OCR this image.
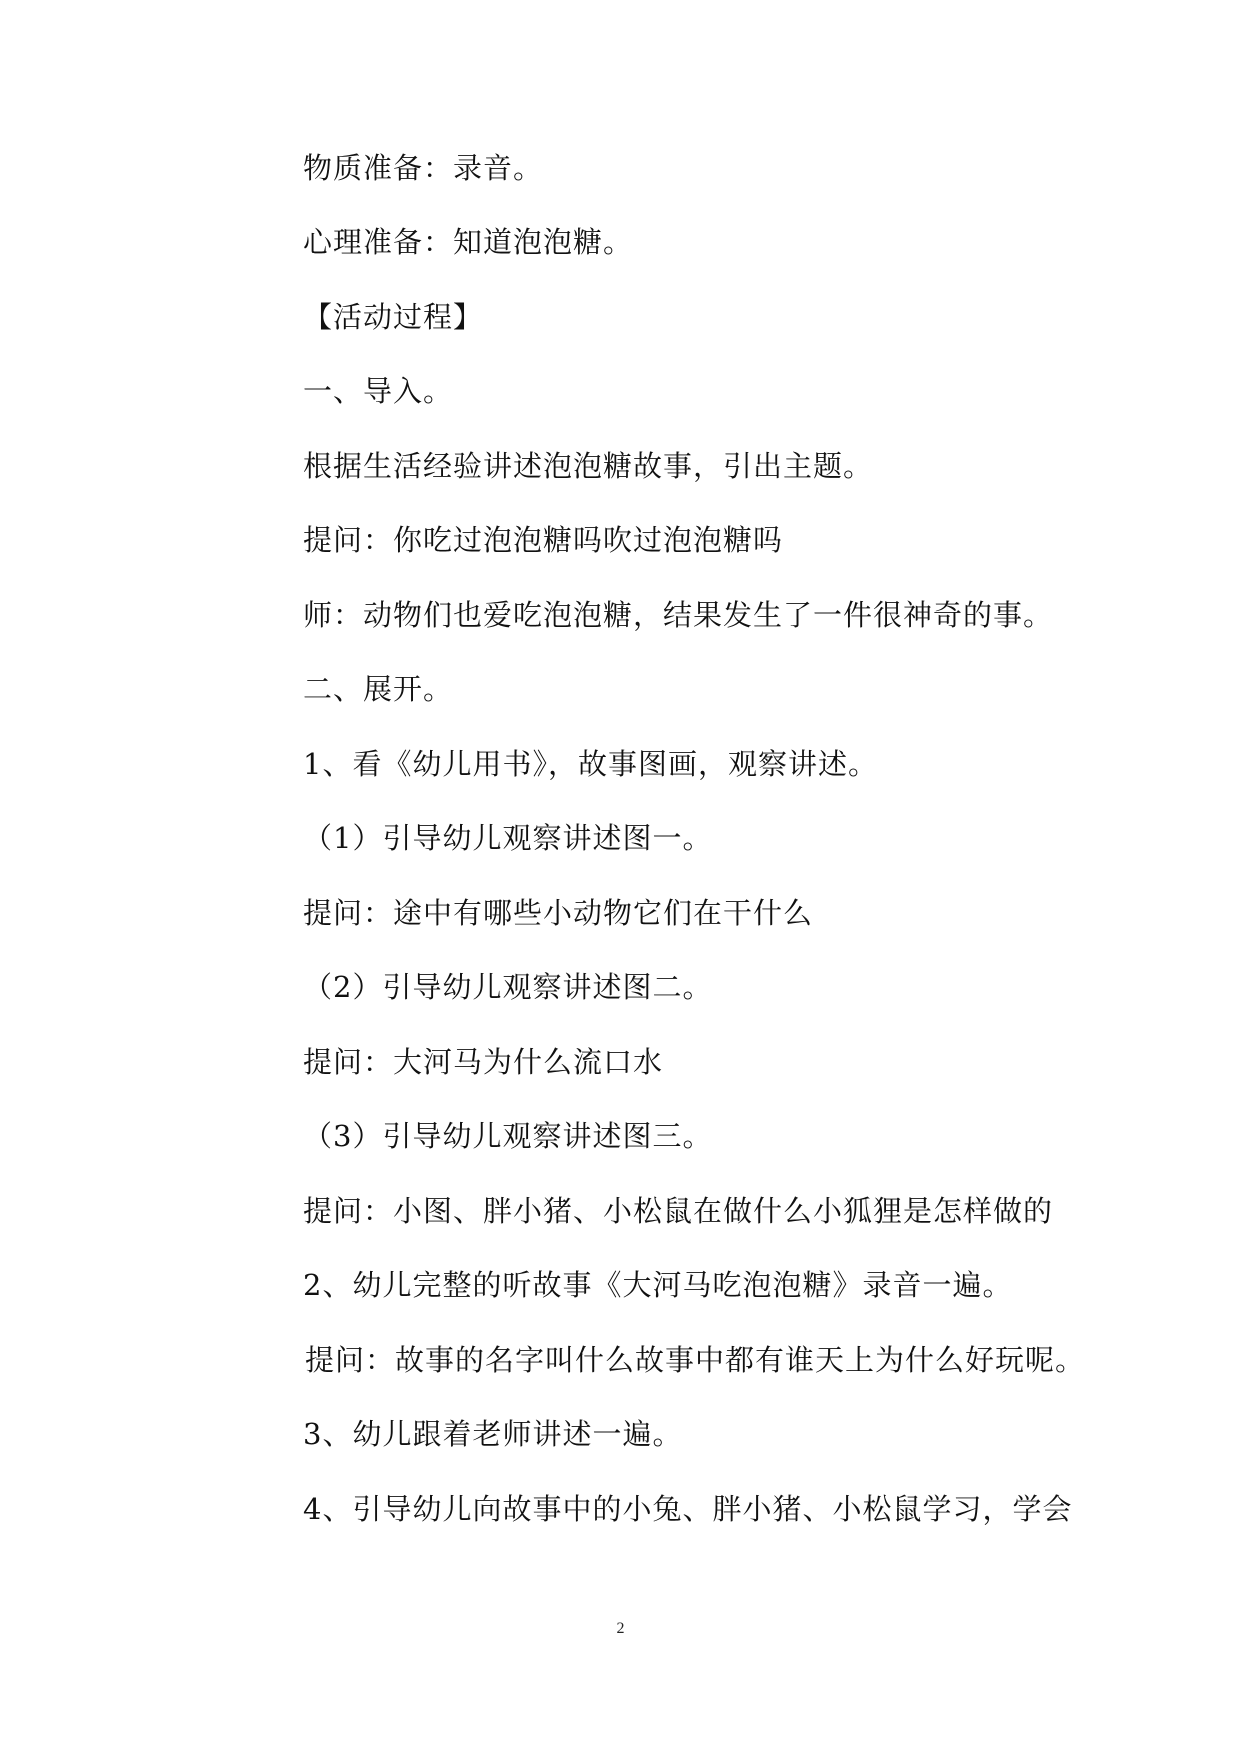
物质准备：录音。
心理准备：知道泡泡糖。
【活动过程】
一、导入。
根据生活经验讲述泡泡糖故事，引出主题。
提问：你吃过泡泡糖吗吹过泡泡糖吗
师：动物们也爱吃泡泡糖，结果发生了一件很神奇的事。
二、展开。
1、看《幼儿用书》，故事图画，观察讲述。
（1）引导幼儿观察讲述图一。
提问：途中有哪些小动物它们在干什么
（2）引导幼儿观察讲述图二。
提问：大河马为什么流口水
（3）引导幼儿观察讲述图三。
提问：小图、胖小猪、小松鼠在做什么小狐狸是怎样做的
2、幼儿完整的听故事《大河马吃泡泡糖》录音一遍。
提问：故事的名字叫什么故事中都有谁天上为什么好玩呢。
3、幼儿跟着老师讲述一遍。
4、引导幼儿向故事中的小兔、胖小猪、小松鼠学习，学会
2
